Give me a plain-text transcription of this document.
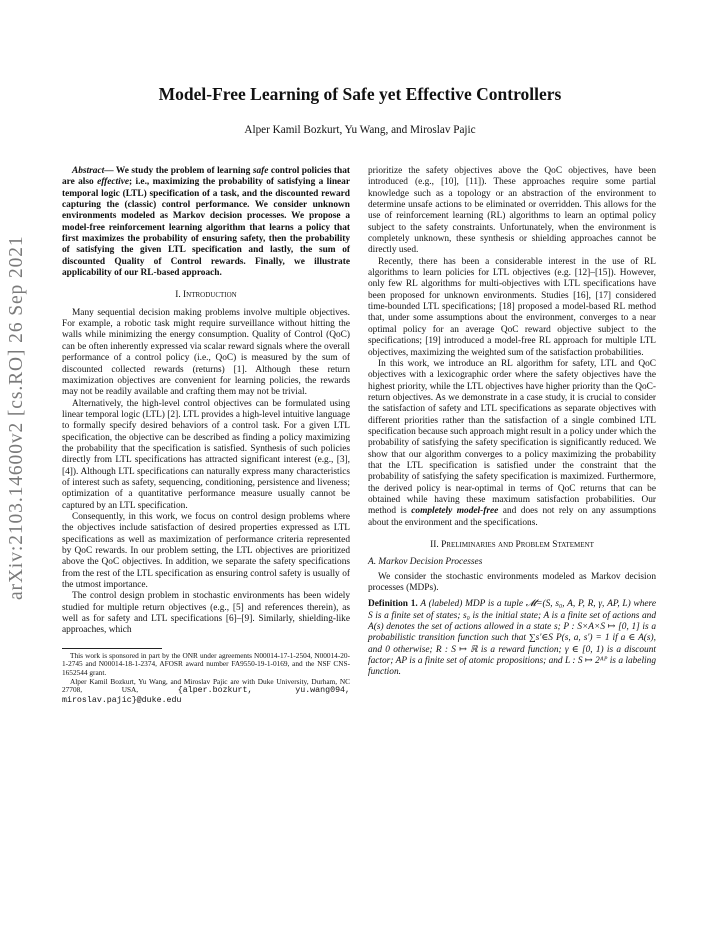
arXiv:2103.14600v2 [cs.RO] 26 Sep 2021
Model-Free Learning of Safe yet Effective Controllers

Alper Kamil Bozkurt, Yu Wang, and Miroslav Pajic

Abstract— We study the problem of learning safe control policies that are also effective; i.e., maximizing the probability of satisfying a linear temporal logic (LTL) specification of a task, and the discounted reward capturing the (classic) control performance. We consider unknown environments modeled as Markov decision processes. We propose a model-free reinforcement learning algorithm that learns a policy that first maximizes the probability of ensuring safety, then the probability of satisfying the given LTL specification and lastly, the sum of discounted Quality of Control rewards. Finally, we illustrate applicability of our RL-based approach.

I. Introduction

Many sequential decision making problems involve multiple objectives. For example, a robotic task might require surveillance without hitting the walls while minimizing the energy consumption. Quality of Control (QoC) can be often inherently expressed via scalar reward signals where the overall performance of a control policy (i.e., QoC) is measured by the sum of discounted collected rewards (returns) [1]. Although these return maximization objectives are convenient for learning policies, the rewards may not be readily available and crafting them may not be trivial.

Alternatively, the high-level control objectives can be formulated using linear temporal logic (LTL) [2]. LTL provides a high-level intuitive language to formally specify desired behaviors of a control task. For a given LTL specification, the objective can be described as finding a policy maximizing the probability that the specification is satisfied. Synthesis of such policies directly from LTL specifications has attracted significant interest (e.g., [3], [4]). Although LTL specifications can naturally express many characteristics of interest such as safety, sequencing, conditioning, persistence and liveness; optimization of a quantitative performance measure usually cannot be captured by an LTL specification.

Consequently, in this work, we focus on control design problems where the objectives include satisfaction of desired properties expressed as LTL specifications as well as maximization of performance criteria represented by QoC rewards. In our problem setting, the LTL objectives are prioritized above the QoC objectives. In addition, we separate the safety specifications from the rest of the LTL specification as ensuring control safety is usually of the utmost importance.

The control design problem in stochastic environments has been widely studied for multiple return objectives (e.g., [5] and references therein), as well as for safety and LTL specifications [6]–[9]. Similarly, shielding-like approaches, which

This work is sponsored in part by the ONR under agreements N00014-17-1-2504, N00014-20-1-2745 and N00014-18-1-2374, AFOSR award number FA9550-19-1-0169, and the NSF CNS-1652544 grant.

Alper Kamil Bozkurt, Yu Wang, and Miroslav Pajic are with Duke University, Durham, NC 27708, USA, {alper.bozkurt, yu.wang094, miroslav.pajic}@duke.edu

prioritize the safety objectives above the QoC objectives, have been introduced (e.g., [10], [11]). These approaches require some partial knowledge such as a topology or an abstraction of the environment to determine unsafe actions to be eliminated or overridden. This allows for the use of reinforcement learning (RL) algorithms to learn an optimal policy subject to the safety constraints. Unfortunately, when the environment is completely unknown, these synthesis or shielding approaches cannot be directly used.

Recently, there has been a considerable interest in the use of RL algorithms to learn policies for LTL objectives (e.g. [12]–[15]). However, only few RL algorithms for multi-objectives with LTL specifications have been proposed for unknown environments. Studies [16], [17] considered time-bounded LTL specifications; [18] proposed a model-based RL method that, under some assumptions about the environment, converges to a near optimal policy for an average QoC reward objective subject to the specifications; [19] introduced a model-free RL approach for multiple LTL objectives, maximizing the weighted sum of the satisfaction probabilities.

In this work, we introduce an RL algorithm for safety, LTL and QoC objectives with a lexicographic order where the safety objectives have the highest priority, while the LTL objectives have higher priority than the QoC-return objectives. As we demonstrate in a case study, it is crucial to consider the satisfaction of safety and LTL specifications as separate objectives with different priorities rather than the satisfaction of a single combined LTL specification because such approach might result in a policy under which the probability of satisfying the safety specification is significantly reduced. We show that our algorithm converges to a policy maximizing the probability that the LTL specification is satisfied under the constraint that the probability of satisfying the safety specification is maximized. Furthermore, the derived policy is near-optimal in terms of QoC returns that can be obtained while having these maximum satisfaction probabilities. Our method is completely model-free and does not rely on any assumptions about the environment and the specifications.

II. Preliminaries and Problem Statement
A. Markov Decision Processes

We consider the stochastic environments modeled as Markov decision processes (MDPs).

Definition 1. A (labeled) MDP is a tuple 𝓜=(S, s₀, A, P, R, γ, AP, L) where S is a finite set of states; s₀ is the initial state; A is a finite set of actions and A(s) denotes the set of actions allowed in a state s; P : S×A×S ↦ [0, 1] is a probabilistic transition function such that ∑s′∈S P(s, a, s′) = 1 if a ∈ A(s), and 0 otherwise; R : S ↦ ℝ is a reward function; γ ∈ [0, 1) is a discount factor; AP is a finite set of atomic propositions; and L : S ↦ 2ᴬᴾ is a labeling function.
